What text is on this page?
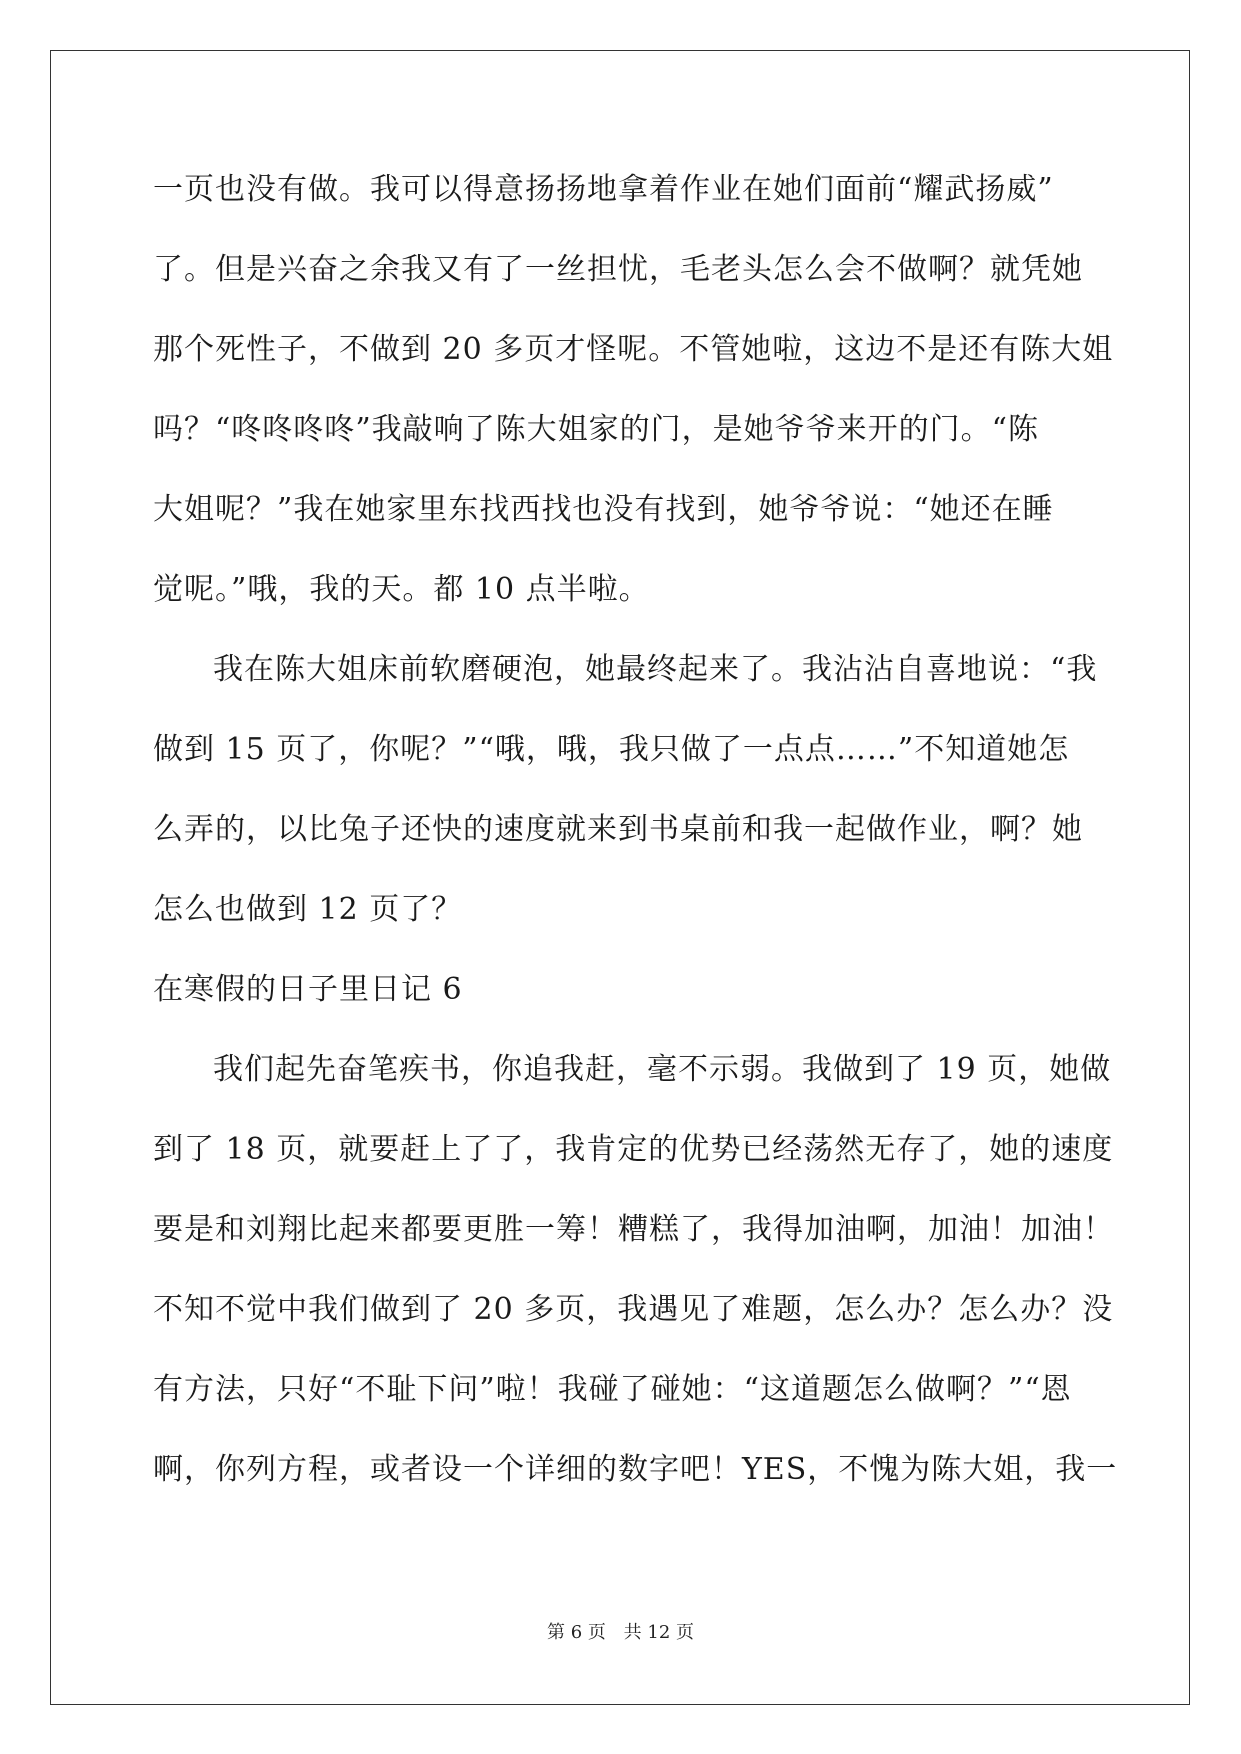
一页也没有做。我可以得意扬扬地拿着作业在她们面前“耀武扬威”
了。但是兴奋之余我又有了一丝担忧，毛老头怎么会不做啊？就凭她
那个死性子，不做到 20 多页才怪呢。不管她啦，这边不是还有陈大姐
吗？“咚咚咚咚”我敲响了陈大姐家的门，是她爷爷来开的门。“陈
大姐呢？”我在她家里东找西找也没有找到，她爷爷说：“她还在睡
觉呢。”哦，我的天。都 10 点半啦。
我在陈大姐床前软磨硬泡，她最终起来了。我沾沾自喜地说：“我
做到 15 页了，你呢？”“哦，哦，我只做了一点点……”不知道她怎
么弄的，以比兔子还快的速度就来到书桌前和我一起做作业，啊？她
怎么也做到 12 页了？
在寒假的日子里日记 6
我们起先奋笔疾书，你追我赶，毫不示弱。我做到了 19 页，她做
到了 18 页，就要赶上了了，我肯定的优势已经荡然无存了，她的速度
要是和刘翔比起来都要更胜一筹！糟糕了，我得加油啊，加油！加油！
不知不觉中我们做到了 20 多页，我遇见了难题，怎么办？怎么办？没
有方法，只好“不耻下问”啦！我碰了碰她：“这道题怎么做啊？”“恩
啊，你列方程，或者设一个详细的数字吧！YES，不愧为陈大姐，我一
第 6 页 共 12 页
